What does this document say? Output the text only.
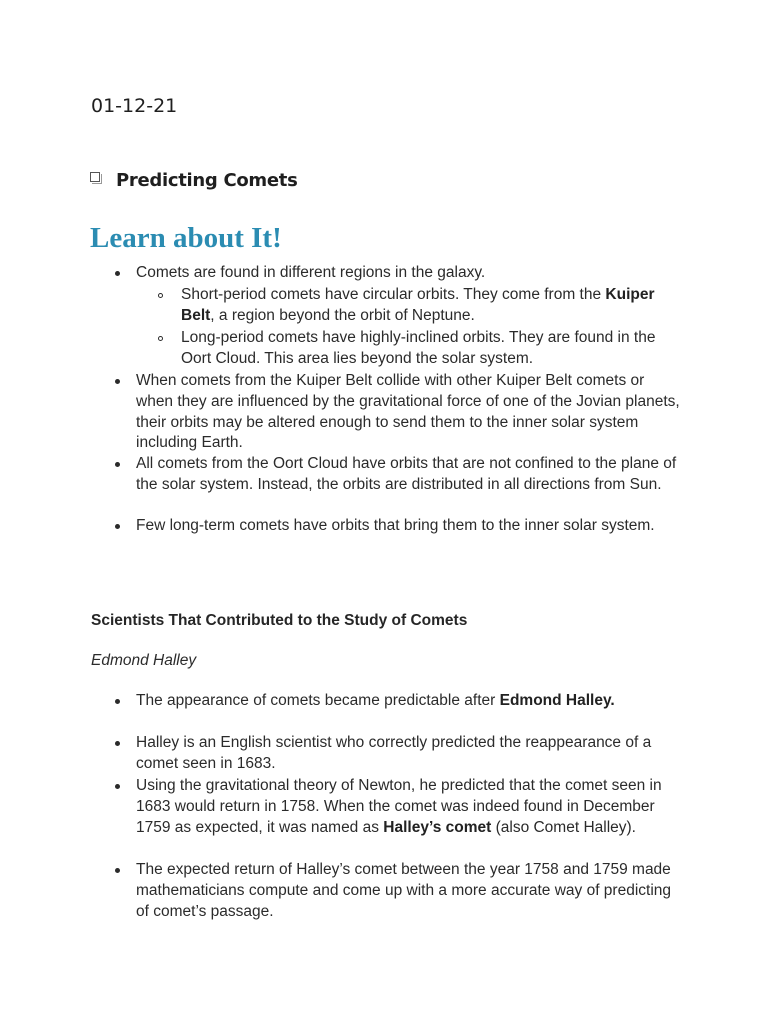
01-12-21
Predicting Comets
Learn about It!
Comets are found in different regions in the galaxy.
Short-period comets have circular orbits. They come from the Kuiper Belt, a region beyond the orbit of Neptune.
Long-period comets have highly-inclined orbits. They are found in the Oort Cloud. This area lies beyond the solar system.
When comets from the Kuiper Belt collide with other Kuiper Belt comets or when they are influenced by the gravitational force of one of the Jovian planets, their orbits may be altered enough to send them to the inner solar system including Earth.
All comets from the Oort Cloud have orbits that are not confined to the plane of the solar system. Instead, the orbits are distributed in all directions from Sun.
Few long-term comets have orbits that bring them to the inner solar system.
Scientists That Contributed to the Study of Comets
Edmond Halley
The appearance of comets became predictable after Edmond Halley.
Halley is an English scientist who correctly predicted the reappearance of a comet seen in 1683.
Using the gravitational theory of Newton, he predicted that the comet seen in 1683 would return in 1758. When the comet was indeed found in December 1759 as expected, it was named as Halley’s comet (also Comet Halley).
The expected return of Halley’s comet between the year 1758 and 1759 made mathematicians compute and come up with a more accurate way of predicting of comet’s passage.
